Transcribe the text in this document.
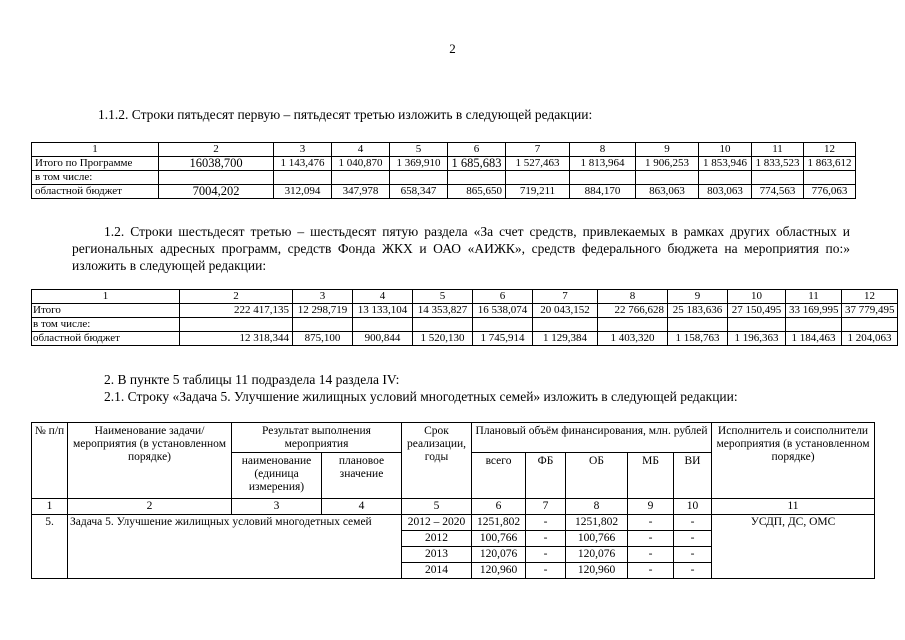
2
1.1.2. Строки пятьдесят первую – пятьдесят третью изложить в следующей редакции:
1	2	3	4	5	6	7	8	9	10	11	12
Итого по Программе	16038,700	1 143,476	1 040,870	1 369,910	1 685,683	1 527,463	1 813,964	1 906,253	1 853,946	1 833,523	1 863,612
в том числе:											
областной бюджет	7004,202	312,094	347,978	658,347	865,650	719,211	884,170	863,063	803,063	774,563	776,063
1.2. Строки шестьдесят третью – шестьдесят пятую раздела «За счет средств, привлекаемых в рамках других областных и региональных адресных программ, средств Фонда ЖКХ и ОАО «АИЖК», средств федерального бюджета на мероприятия по:» изложить в следующей редакции:
1	2	3	4	5	6	7	8	9	10	11	12
Итого	222 417,135	12 298,719	13 133,104	14 353,827	16 538,074	20 043,152	22 766,628	25 183,636	27 150,495	33 169,995	37 779,495
в том числе:											
областной бюджет	12 318,344	875,100	900,844	1 520,130	1 745,914	1 129,384	1 403,320	1 158,763	1 196,363	1 184,463	1 204,063
2. В пункте 5 таблицы 11 подраздела 14 раздела IV:
2.1. Строку «Задача 5. Улучшение жилищных условий многодетных семей» изложить в следующей редакции:
№ п/п	Наименование задачи/мероприятия (в установленном порядке)	Результат выполнения мероприятия		Срок реализации, годы	Плановый объём финансирования, млн. рублей					Исполнитель и соисполнители мероприятия (в установленном порядке)
		наименование (единица измерения)	плановое значение		всего	ФБ	ОБ	МБ	ВИ	
1	2	3	4	5	6	7	8	9	10	11
5.	Задача 5. Улучшение жилищных условий многодетных семей			2012 – 2020	1251,802	-	1251,802	-	-	УСДП, ДС, ОМС
				2012	100,766	-	100,766	-	-	
				2013	120,076	-	120,076	-	-	
				2014	120,960	-	120,960	-	-	
